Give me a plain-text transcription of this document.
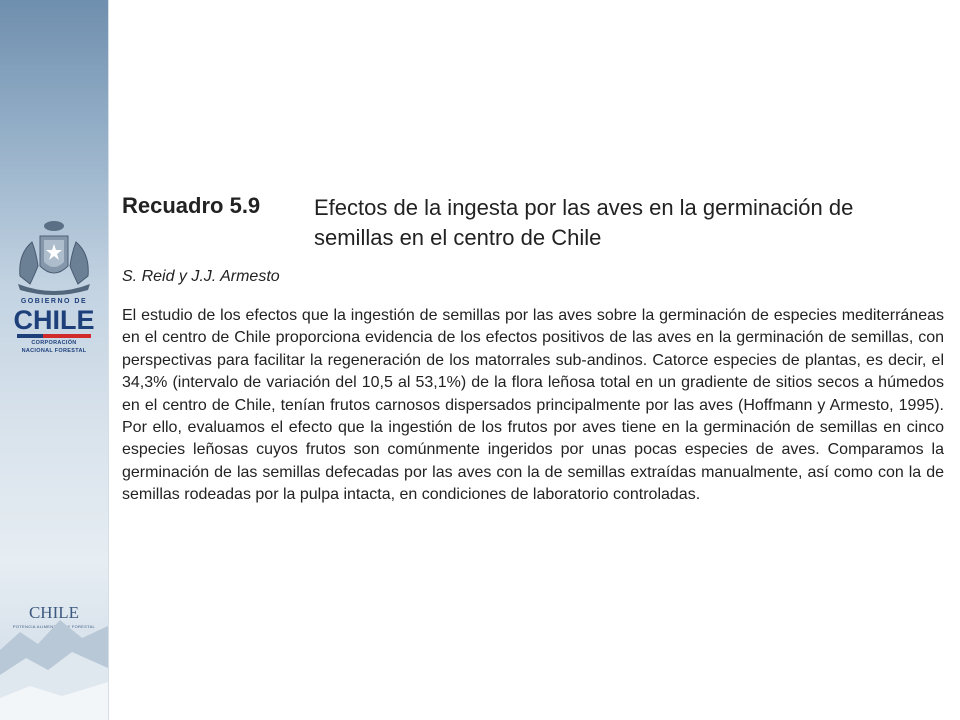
GOBIERNO DE
CHILE
CORPORACIÓN
NACIONAL FORESTAL
CHILE
POTENCIA ALIMENTARIA Y FORESTAL
Recuadro 5.9 Efectos de la ingesta por las aves en la germinación de semillas en el centro de Chile
S. Reid y J.J. Armesto
El estudio de los efectos que la ingestión de semillas por las aves sobre la germinación de especies mediterráneas en el centro de Chile proporciona evidencia de los efectos positivos de las aves en la germinación de semillas, con perspectivas para facilitar la regeneración de los matorrales sub-andinos. Catorce especies de plantas, es decir, el 34,3% (intervalo de variación del 10,5 al 53,1%) de la flora leñosa total en un gradiente de sitios secos a húmedos en el centro de Chile, tenían frutos carnosos dispersados principalmente por las aves (Hoffmann y Armesto, 1995). Por ello, evaluamos el efecto que la ingestión de los frutos por aves tiene en la germinación de semillas en cinco especies leñosas cuyos frutos son comúnmente ingeridos por unas pocas especies de aves. Comparamos la germinación de las semillas defecadas por las aves con la de semillas extraídas manualmente, así como con la de semillas rodeadas por la pulpa intacta, en condiciones de laboratorio controladas.
